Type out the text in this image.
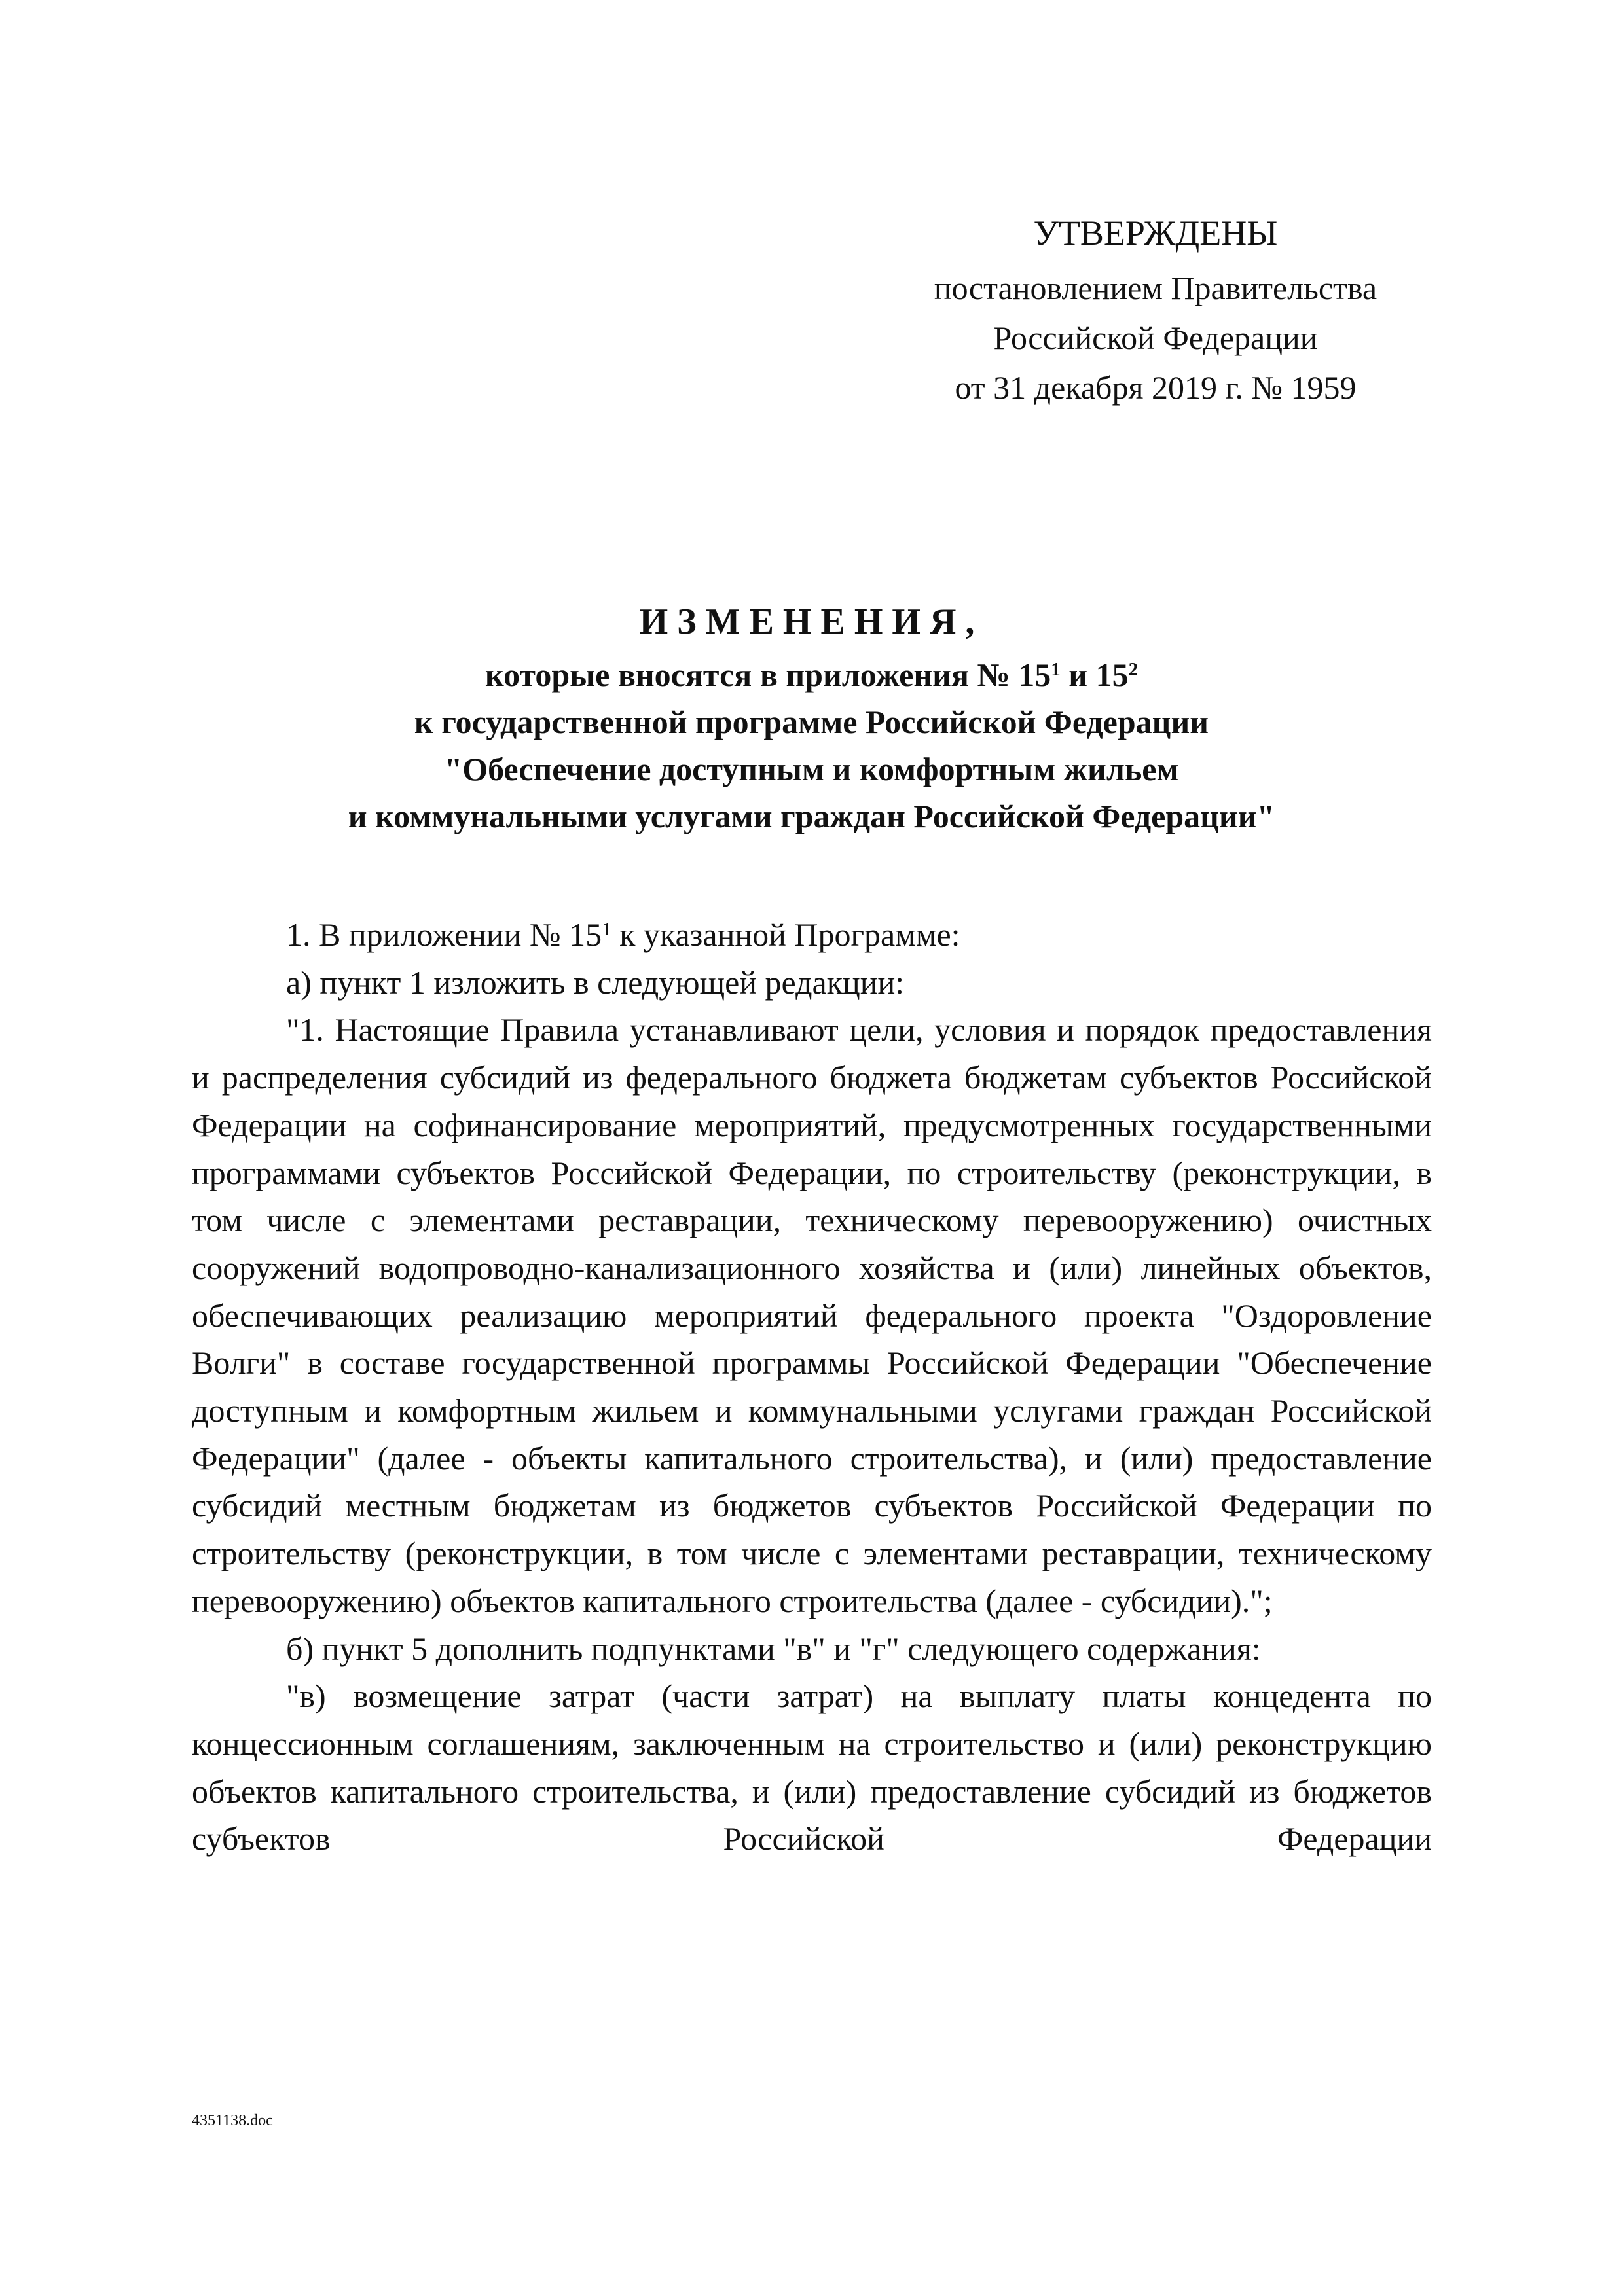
УТВЕРЖДЕНЫ
постановлением Правительства
Российской Федерации
от 31 декабря 2019 г. № 1959
ИЗМЕНЕНИЯ,
которые вносятся в приложения № $15^1$ и $15^2$
к государственной программе Российской Федерации
"Обеспечение доступным и комфортным жильем
и коммунальными услугами граждан Российской Федерации"
1. В приложении № $15^1$ к указанной Программе:
а) пункт 1 изложить в следующей редакции:
"1. Настоящие Правила устанавливают цели, условия и порядок предоставления и распределения субсидий из федерального бюджета бюджетам субъектов Российской Федерации на софинансирование мероприятий, предусмотренных государственными программами субъектов Российской Федерации, по строительству (реконструкции, в том числе с элементами реставрации, техническому перевооружению) очистных сооружений водопроводно-канализационного хозяйства и (или) линейных объектов, обеспечивающих реализацию мероприятий федерального проекта "Оздоровление Волги" в составе государственной программы Российской Федерации "Обеспечение доступным и комфортным жильем и коммунальными услугами граждан Российской Федерации" (далее - объекты капитального строительства), и (или) предоставление субсидий местным бюджетам из бюджетов субъектов Российской Федерации по строительству (реконструкции, в том числе с элементами реставрации, техническому перевооружению) объектов капитального строительства (далее - субсидии).";
б) пункт 5 дополнить подпунктами "в" и "г" следующего содержания:
"в) возмещение затрат (части затрат) на выплату платы концедента по концессионным соглашениям, заключенным на строительство и (или) реконструкцию объектов капитального строительства, и (или) предоставление субсидий из бюджетов субъектов Российской Федерации
4351138.doc
